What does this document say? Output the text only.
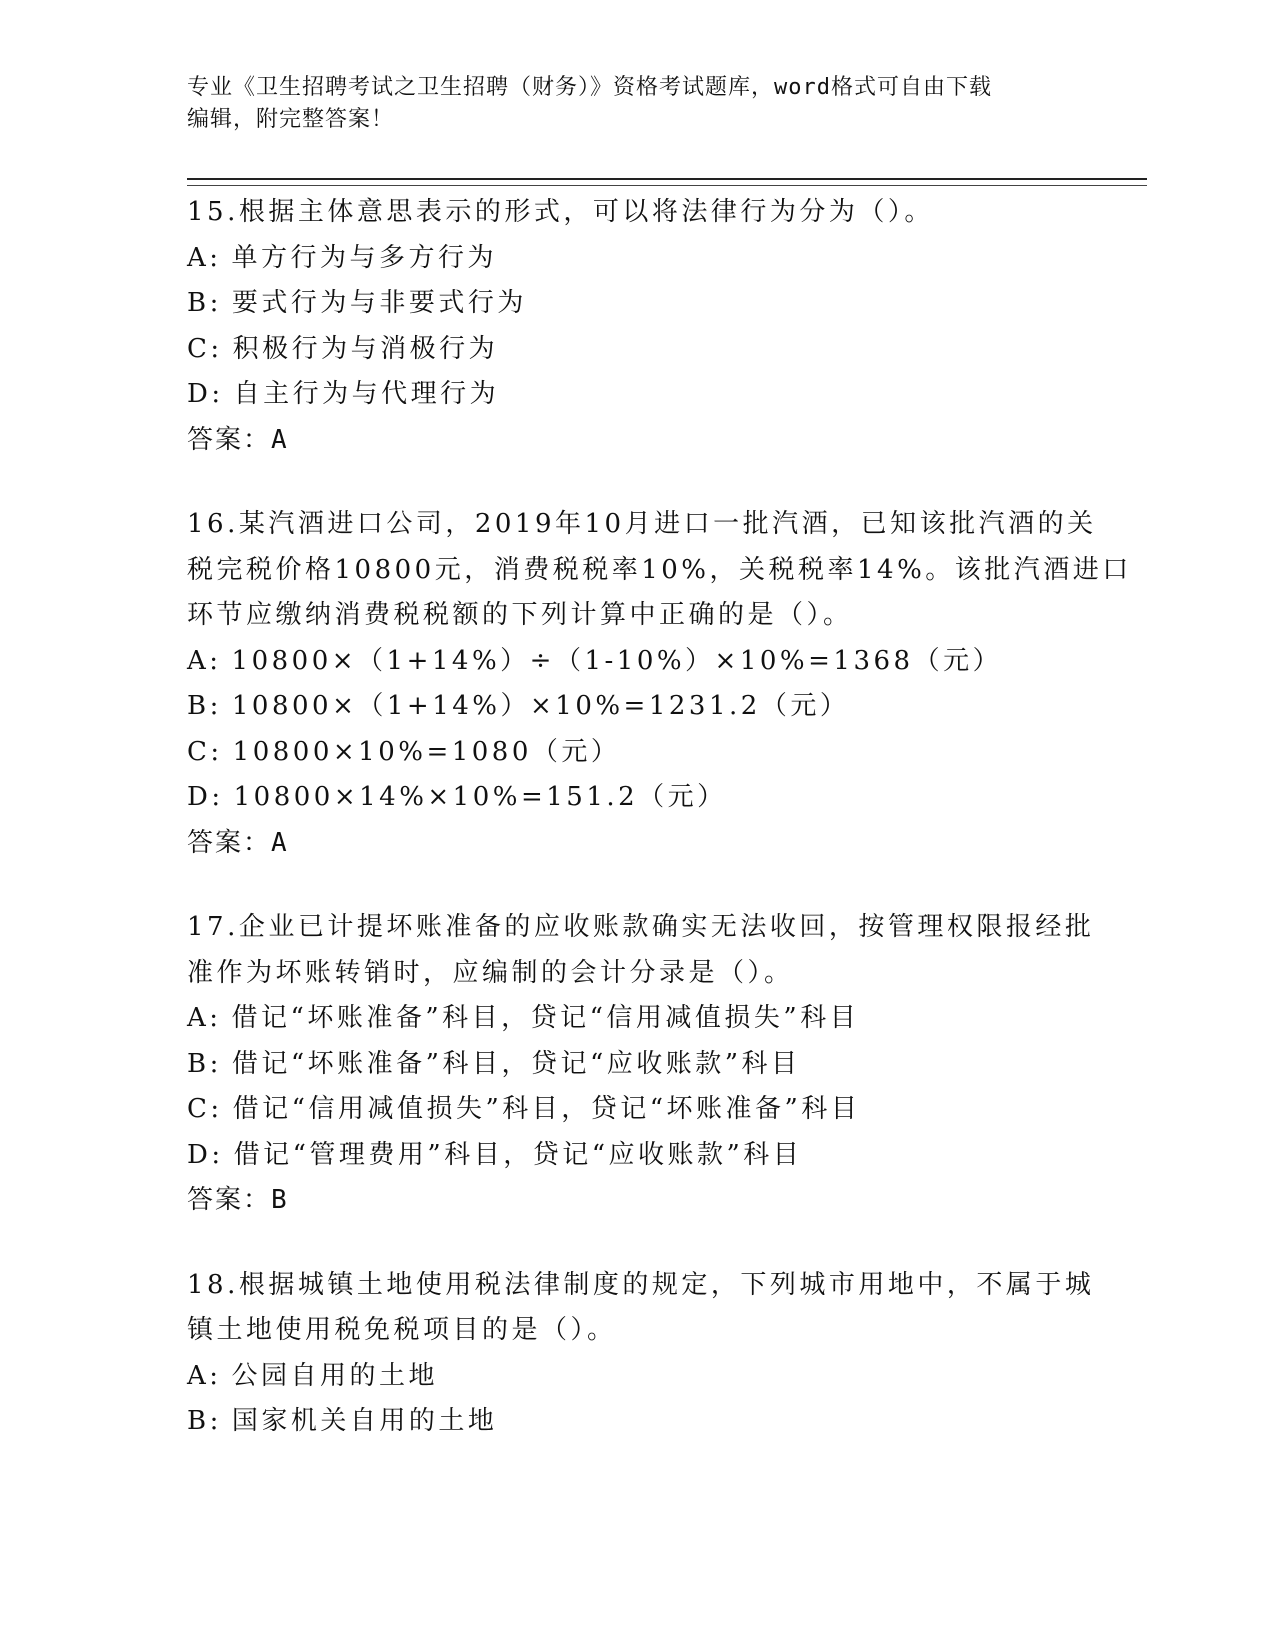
专业《卫生招聘考试之卫生招聘（财务）》资格考试题库，word格式可自由下载
编辑，附完整答案！
15.根据主体意思表示的形式，可以将法律行为分为（）。
A: 单方行为与多方行为
B: 要式行为与非要式行为
C: 积极行为与消极行为
D: 自主行为与代理行为
答案：A
16.某汽酒进口公司，2019年10月进口一批汽酒，已知该批汽酒的关
税完税价格10800元，消费税税率10%，关税税率14%。该批汽酒进口
环节应缴纳消费税税额的下列计算中正确的是（）。
A: 10800×（1+14%）÷（1-10%）×10%=1368（元）
B: 10800×（1+14%）×10%=1231.2（元）
C: 10800×10%=1080（元）
D: 10800×14%×10%=151.2（元）
答案：A
17.企业已计提坏账准备的应收账款确实无法收回，按管理权限报经批
准作为坏账转销时，应编制的会计分录是（）。
A: 借记“坏账准备”科目，贷记“信用减值损失”科目
B: 借记“坏账准备”科目，贷记“应收账款”科目
C: 借记“信用减值损失”科目，贷记“坏账准备”科目
D: 借记“管理费用”科目，贷记“应收账款”科目
答案：B
18.根据城镇土地使用税法律制度的规定，下列城市用地中，不属于城
镇土地使用税免税项目的是（）。
A: 公园自用的土地
B: 国家机关自用的土地
